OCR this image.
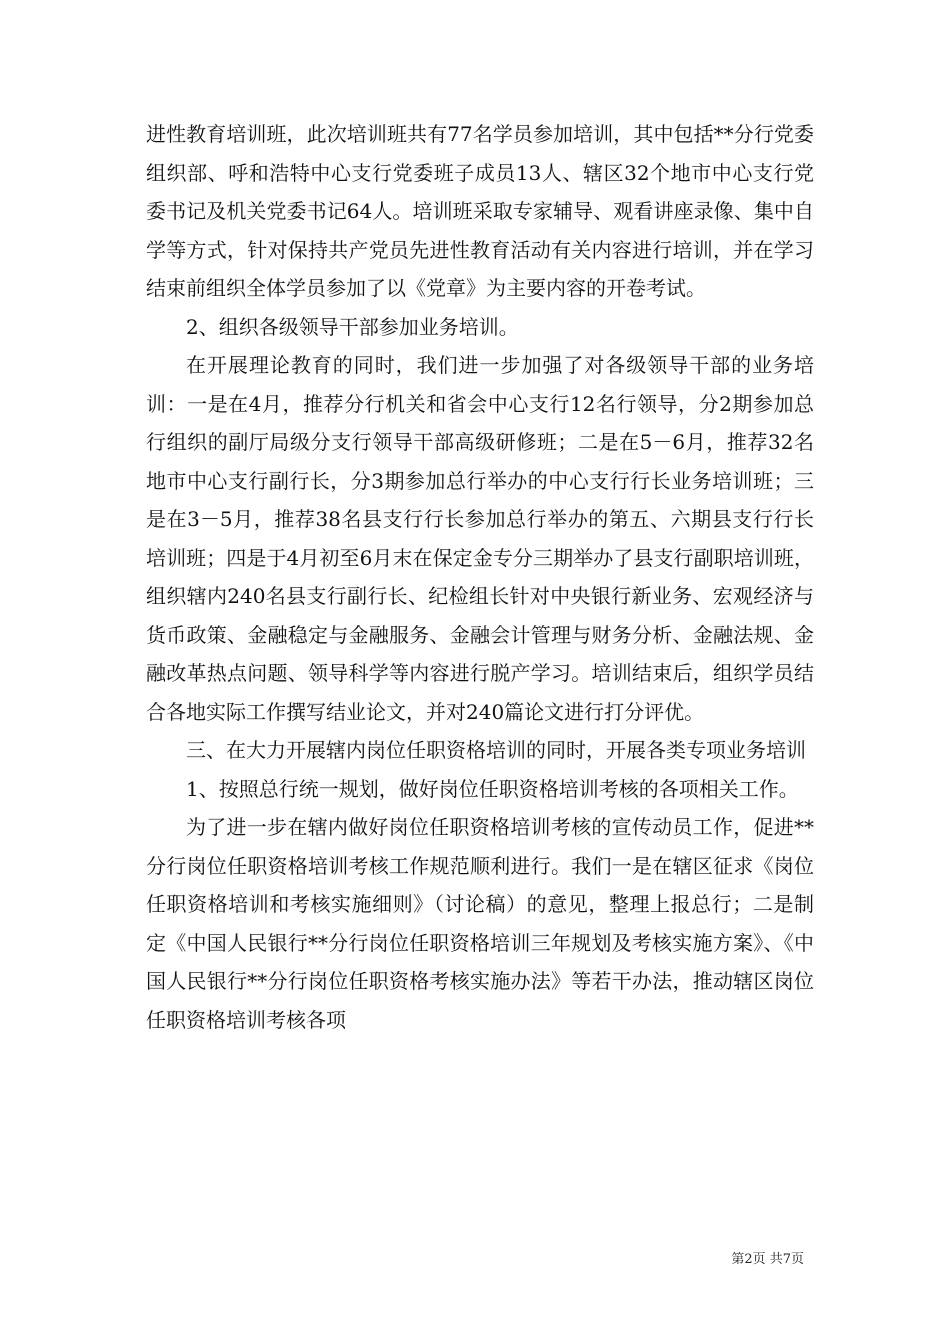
进性教育培训班，此次培训班共有77名学员参加培训，其中包括**分行党委组织部、呼和浩特中心支行党委班子成员13人、辖区32个地市中心支行党委书记及机关党委书记64人。培训班采取专家辅导、观看讲座录像、集中自学等方式，针对保持共产党员先进性教育活动有关内容进行培训，并在学习结束前组织全体学员参加了以《党章》为主要内容的开卷考试。

2、组织各级领导干部参加业务培训。

在开展理论教育的同时，我们进一步加强了对各级领导干部的业务培训：一是在4月，推荐分行机关和省会中心支行12名行领导，分2期参加总行组织的副厅局级分支行领导干部高级研修班；二是在5－6月，推荐32名地市中心支行副行长，分3期参加总行举办的中心支行行长业务培训班；三是在3－5月，推荐38名县支行行长参加总行举办的第五、六期县支行行长培训班；四是于4月初至6月末在保定金专分三期举办了县支行副职培训班，组织辖内240名县支行副行长、纪检组长针对中央银行新业务、宏观经济与货币政策、金融稳定与金融服务、金融会计管理与财务分析、金融法规、金融改革热点问题、领导科学等内容进行脱产学习。培训结束后，组织学员结合各地实际工作撰写结业论文，并对240篇论文进行打分评优。

三、在大力开展辖内岗位任职资格培训的同时，开展各类专项业务培训

1、按照总行统一规划，做好岗位任职资格培训考核的各项相关工作。

为了进一步在辖内做好岗位任职资格培训考核的宣传动员工作，促进**分行岗位任职资格培训考核工作规范顺利进行。我们一是在辖区征求《岗位任职资格培训和考核实施细则》（讨论稿）的意见，整理上报总行；二是制定《中国人民银行**分行岗位任职资格培训三年规划及考核实施方案》、《中国人民银行**分行岗位任职资格考核实施办法》等若干办法，推动辖区岗位任职资格培训考核各项

第2页 共7页
